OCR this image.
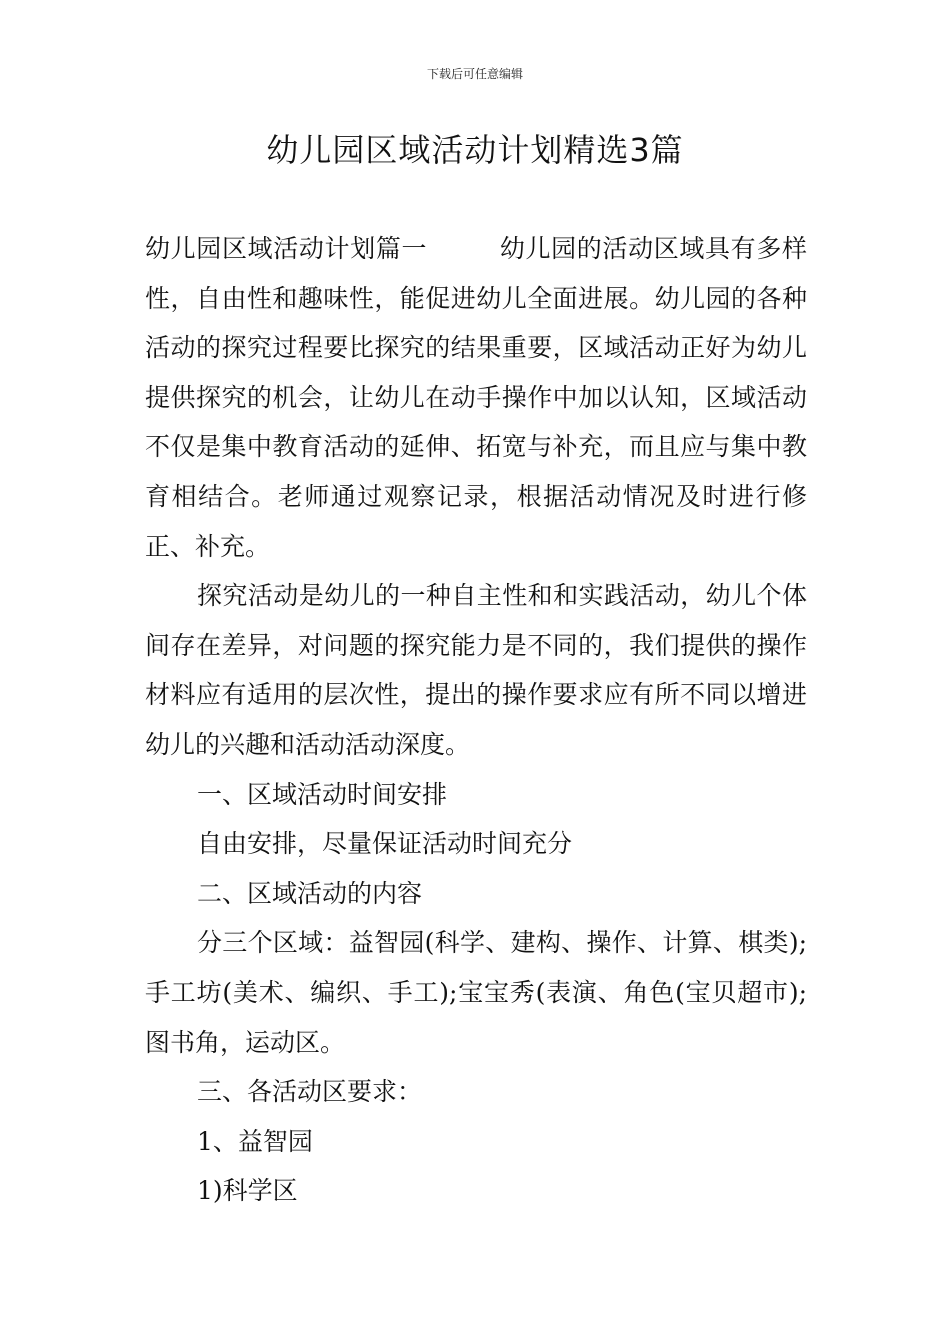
下载后可任意编辑
幼儿园区域活动计划精选3篇

幼儿园区域活动计划篇一	幼儿园的活动区域具有多样性，自由性和趣味性，能促进幼儿全面进展。幼儿园的各种活动的探究过程要比探究的结果重要，区域活动正好为幼儿提供探究的机会，让幼儿在动手操作中加以认知，区域活动不仅是集中教育活动的延伸、拓宽与补充，而且应与集中教育相结合。老师通过观察记录，根据活动情况及时进行修正、补充。

探究活动是幼儿的一种自主性和和实践活动，幼儿个体间存在差异，对问题的探究能力是不同的，我们提供的操作材料应有适用的层次性，提出的操作要求应有所不同以增进幼儿的兴趣和活动活动深度。

一、区域活动时间安排

自由安排，尽量保证活动时间充分

二、区域活动的内容

分三个区域：益智园(科学、建构、操作、计算、棋类);手工坊(美术、编织、手工);宝宝秀(表演、角色(宝贝超市);图书角，运动区。

三、各活动区要求：

1、益智园

1)科学区
